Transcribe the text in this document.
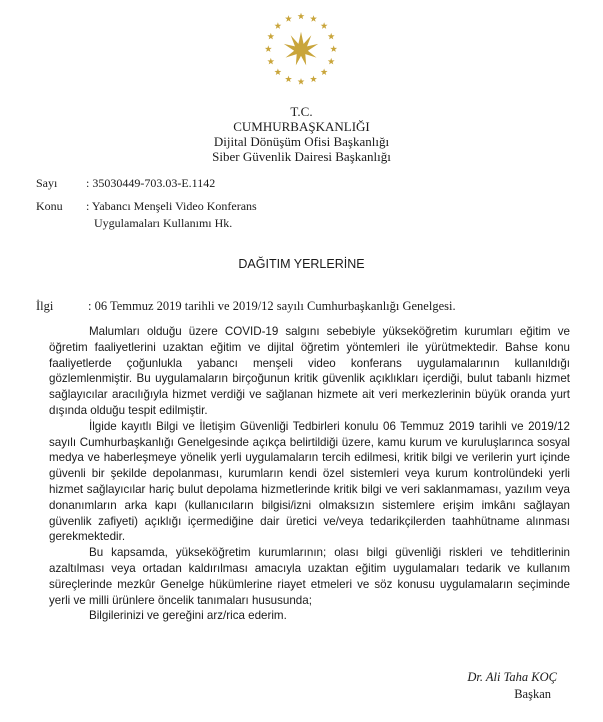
T.C.
CUMHURBAŞKANLIĞI
Dijital Dönüşüm Ofisi Başkanlığı
Siber Güvenlik Dairesi Başkanlığı
Sayı : 35030449-703.03-E.1142
Konu : Yabancı Menşeli Video Konferans
Uygulamaları Kullanımı Hk.
DAĞITIM YERLERİNE
İlgi	: 06 Temmuz 2019 tarihli ve 2019/12 sayılı Cumhurbaşkanlığı Genelgesi.

Malumları olduğu üzere COVID-19 salgını sebebiyle yükseköğretim kurumları eğitim ve öğretim faaliyetlerini uzaktan eğitim ve dijital öğretim yöntemleri ile yürütmektedir. Bahse konu faaliyetlerde çoğunlukla yabancı menşeli video konferans uygulamalarının kullanıldığı gözlemlenmiştir. Bu uygulamaların birçoğunun kritik güvenlik açıklıkları içerdiği, bulut tabanlı hizmet sağlayıcılar aracılığıyla hizmet verdiği ve sağlanan hizmete ait veri merkezlerinin büyük oranda yurt dışında olduğu tespit edilmiştir.

İlgide kayıtlı Bilgi ve İletişim Güvenliği Tedbirleri konulu 06 Temmuz 2019 tarihli ve 2019/12 sayılı Cumhurbaşkanlığı Genelgesinde açıkça belirtildiği üzere, kamu kurum ve kuruluşlarınca sosyal medya ve haberleşmeye yönelik yerli uygulamaların tercih edilmesi, kritik bilgi ve verilerin yurt içinde güvenli bir şekilde depolanması, kurumların kendi özel sistemleri veya kurum kontrolündeki yerli hizmet sağlayıcılar hariç bulut depolama hizmetlerinde kritik bilgi ve veri saklanmaması, yazılım veya donanımların arka kapı (kullanıcıların bilgisi/izni olmaksızın sistemlere erişim imkânı sağlayan güvenlik zafiyeti) açıklığı içermediğine dair üretici ve/veya tedarikçilerden taahhütname alınması gerekmektedir.

Bu kapsamda, yükseköğretim kurumlarının; olası bilgi güvenliği riskleri ve tehditlerinin azaltılması veya ortadan kaldırılması amacıyla uzaktan eğitim uygulamaları tedarik ve kullanım süreçlerinde mezkûr Genelge hükümlerine riayet etmeleri ve söz konusu uygulamaların seçiminde yerli ve milli ürünlere öncelik tanımaları hususunda;

Bilgilerinizi ve gereğini arz/rica ederim.

Dr. Ali Taha KOÇ
Başkan
